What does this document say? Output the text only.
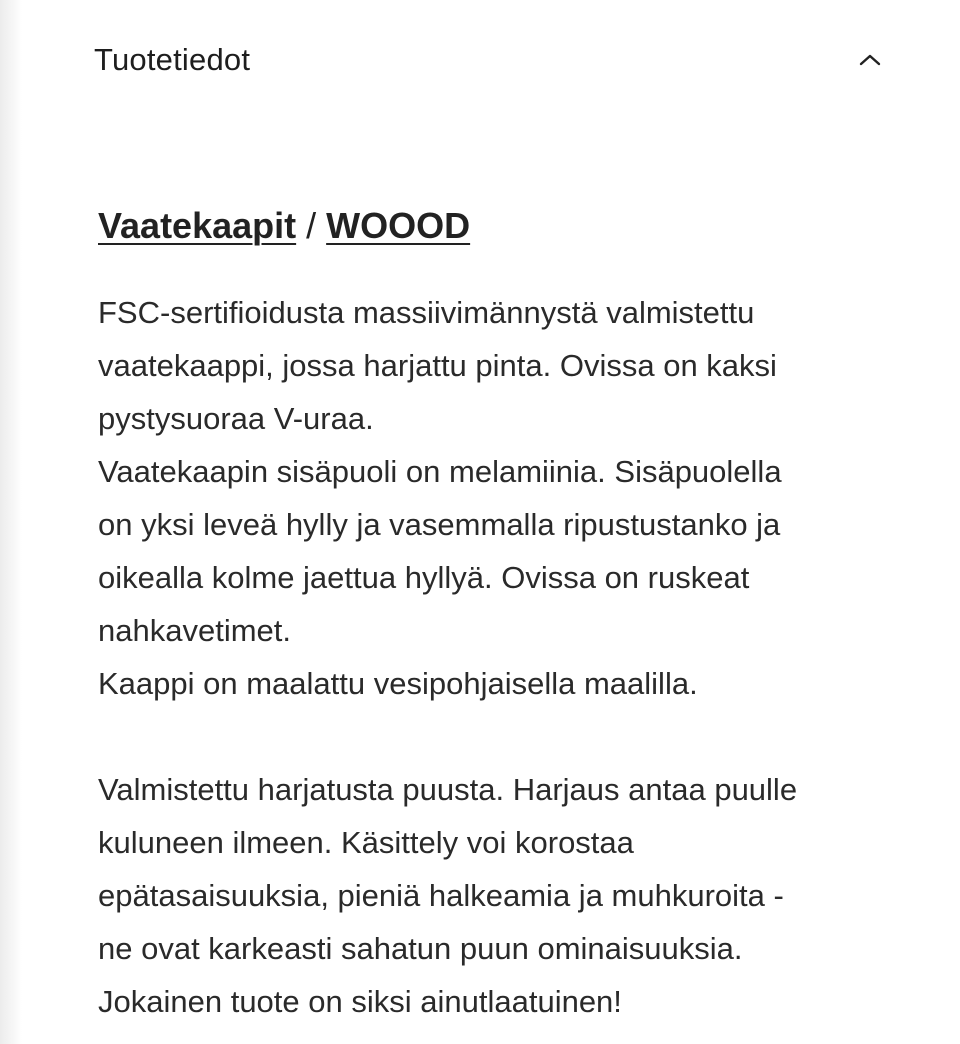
Tuotetiedot
Vaatekaapit / WOOOD

FSC-sertifioidusta massiivimännystä valmistettu

vaatekaappi, jossa harjattu pinta. Ovissa on kaksi

pystysuoraa V-uraa.

Vaatekaapin sisäpuoli on melamiinia. Sisäpuolella

on yksi leveä hylly ja vasemmalla ripustustanko ja

oikealla kolme jaettua hyllyä. Ovissa on ruskeat

nahkavetimet.

Kaappi on maalattu vesipohjaisella maalilla.

Valmistettu harjatusta puusta. Harjaus antaa puulle

kuluneen ilmeen. Käsittely voi korostaa

epätasaisuuksia, pieniä halkeamia ja muhkuroita -

ne ovat karkeasti sahatun puun ominaisuuksia.

Jokainen tuote on siksi ainutlaatuinen!
